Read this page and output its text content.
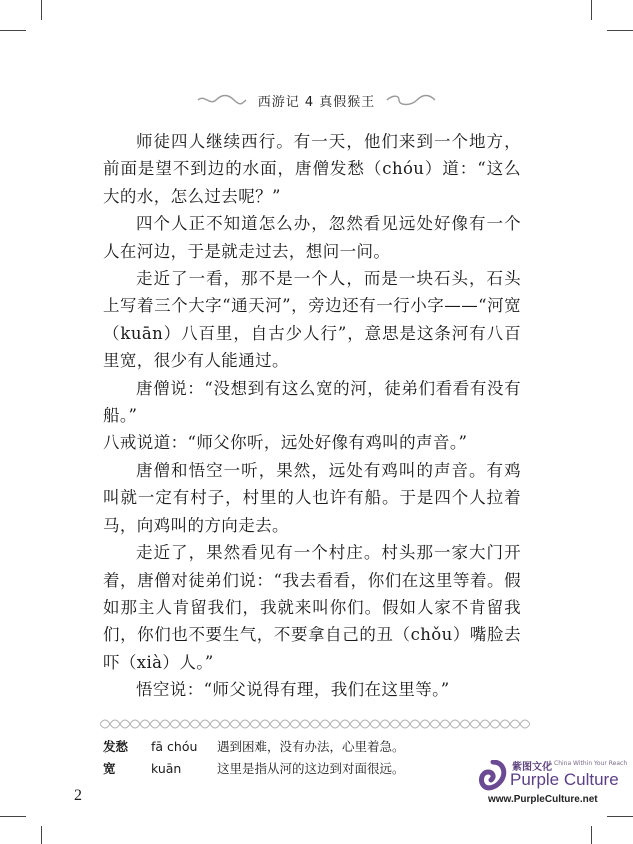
西游记 4 真假猴王

师徒四人继续西行。有一天，他们来到一个地方，前面是望不到边的水面，唐僧发愁（chóu）道：“这么大的水，怎么过去呢？”

四个人正不知道怎么办，忽然看见远处好像有一个人在河边，于是就走过去，想问一问。

走近了一看，那不是一个人，而是一块石头，石头上写着三个大字“通天河”，旁边还有一行小字——“河宽（kuān）八百里，自古少人行”，意思是这条河有八百里宽，很少有人能通过。

唐僧说：“没想到有这么宽的河，徒弟们看看有没有船。”

八戒说道：“师父你听，远处好像有鸡叫的声音。”

唐僧和悟空一听，果然，远处有鸡叫的声音。有鸡叫就一定有村子，村里的人也许有船。于是四个人拉着马，向鸡叫的方向走去。

走近了，果然看见有一个村庄。村头那一家大门开着，唐僧对徒弟们说：“我去看看，你们在这里等着。假如那主人肯留我们，我就来叫你们。假如人家不肯留我们，你们也不要生气，不要拿自己的丑（chǒu）嘴脸去吓（xià）人。”

悟空说：“师父说得有理，我们在这里等。”

发愁	fā chóu 遇到困难，没有办法，心里着急。
宽	kuān	这里是指从河的这边到对面很远。
2
紫图文化
A China Within Your Reach
Purple Culture
www.PurpleCulture.net
